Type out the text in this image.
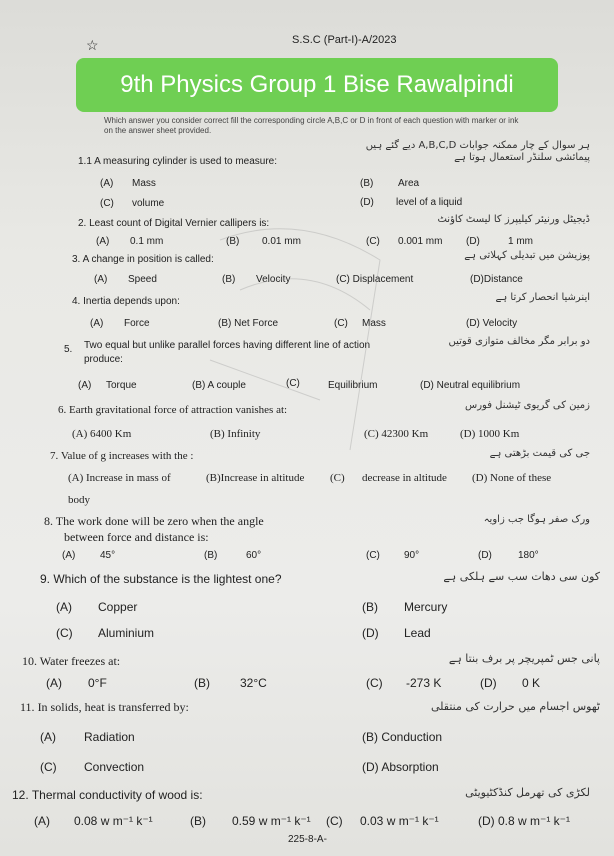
☆	S.S.C (Part-I)-A/2023
9th Physics Group 1 Bise Rawalpindi
Which answer you consider correct fill the corresponding circle A,B,C or D in front of each question with marker or ink on the answer sheet provided.
ہر سوال کے چار ممکنہ جوابات A,B,C,D دیے گئے ہیں
1.1 A measuring cylinder is used to measure:	پیمائشی سلنڈر استعمال ہوتا ہے
(A) Mass	(B) Area
(C) volume	(D) level of a liquid
2. Least count of Digital Vernier callipers is:	ڈیجیٹل ورنیئر کیلیپرز کا لیسٹ کاؤنٹ
(A) 0.1 mm	(B) 0.01 mm	(C) 0.001 mm (D)	1 mm
3. A change in position is called:	پوزیشن میں تبدیلی کہلاتی ہے
(A) Speed	(B) Velocity	(C) Displacement	(D)Distance
4. Inertia depends upon:	اینرشیا انحصار کرتا ہے
(A) Force	(B) Net Force	(C) Mass	(D) Velocity
5. Two equal but unlike parallel forces having different line of action
produce:
دو برابر مگر مخالف متوازی قوتیں
(A) Torque	(B) A couple	(C)	Equilibrium	(D) Neutral equilibrium
6. Earth gravitational force of attraction vanishes at:	زمین کی گریوی ٹیشنل فورس
(A) 6400 Km	(B) Infinity	(C) 42300 Km	(D) 1000 Km
7. Value of g increases with the :	جی کی قیمت بڑھتی ہے
(A) Increase in mass of	(B)Increase in altitude (C) decrease in altitude (D) None of these
body
8. The work done will be zero when the angle
between force and distance is:
ورک صفر ہوگا جب زاویہ
(A) 45°	(B)	60°	(C) 90°	(D)	180°
9. Which of the substance is the lightest one?	کون سی دھات سب سے ہلکی ہے
(A) Copper	(B) Mercury
(C) Aluminium	(D) Lead
10. Water freezes at:	پانی جس ٹمپریچر پر برف بنتا ہے
(A) 0°F	(B)	32°C	(C) -273 K	(D) 0 K
11. In solids, heat is transferred by:	ٹھوس اجسام میں حرارت کی منتقلی
(A) Radiation	(B) Conduction
(C) Convection	(D) Absorption
12. Thermal conductivity of wood is:	لکڑی کی تھرمل کنڈکٹیویٹی
(A) 0.08 w m⁻¹ k⁻¹	(B) 0.59 w m⁻¹ k⁻¹ (C) 0.03 w m⁻¹ k⁻¹	(D) 0.8 w m⁻¹ k⁻¹
225-8-A-
